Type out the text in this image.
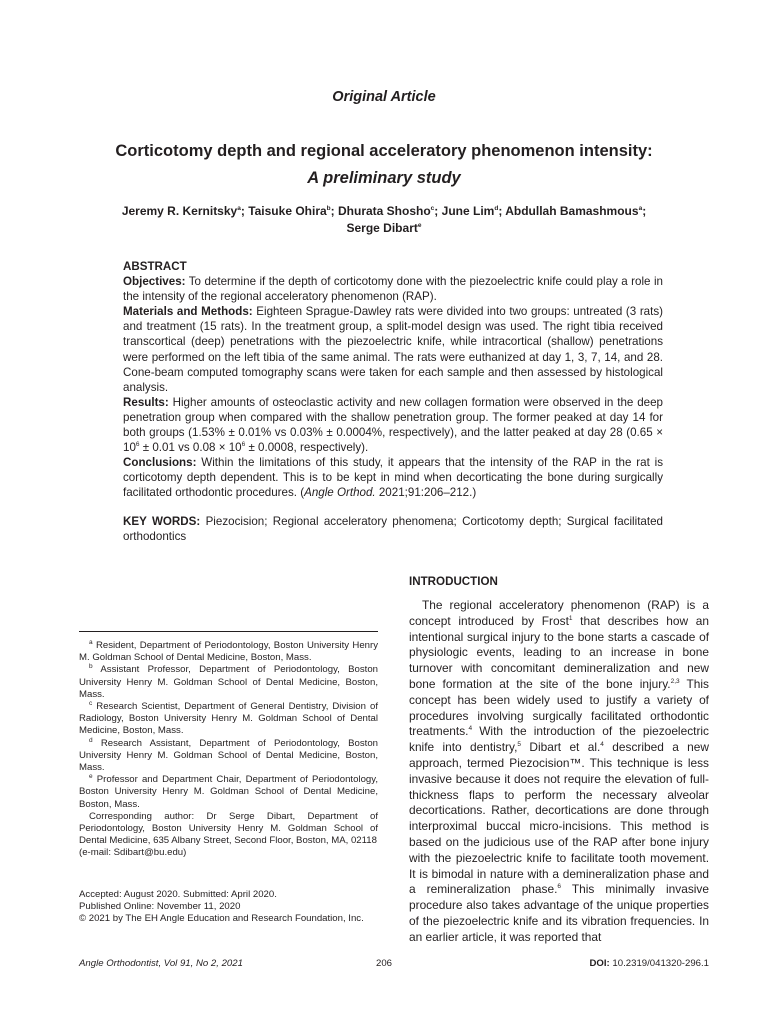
Original Article
Corticotomy depth and regional acceleratory phenomenon intensity:
A preliminary study
Jeremy R. Kernitsky$^a$; Taisuke Ohira$^b$; Dhurata Shosho$^c$; June Lim$^d$; Abdullah Bamashmous$^a$;
Serge Dibart$^e$

ABSTRACT

Objectives: To determine if the depth of corticotomy done with the piezoelectric knife could play a role in the intensity of the regional acceleratory phenomenon (RAP).

Materials and Methods: Eighteen Sprague-Dawley rats were divided into two groups: untreated (3 rats) and treatment (15 rats). In the treatment group, a split-model design was used. The right tibia received transcortical (deep) penetrations with the piezoelectric knife, while intracortical (shallow) penetrations were performed on the left tibia of the same animal. The rats were euthanized at day 1, 3, 7, 14, and 28. Cone-beam computed tomography scans were taken for each sample and then assessed by histological analysis.

Results: Higher amounts of osteoclastic activity and new collagen formation were observed in the deep penetration group when compared with the shallow penetration group. The former peaked at day 14 for both groups (1.53% ± 0.01% vs 0.03% ± 0.0004%, respectively), and the latter peaked at day 28 ($0.65 \times 10^6 \pm 0.01$ vs $0.08 \times 10^6 \pm 0.0008$, respectively).

Conclusions: Within the limitations of this study, it appears that the intensity of the RAP in the rat is corticotomy depth dependent. This is to be kept in mind when decorticating the bone during surgically facilitated orthodontic procedures. (Angle Orthod. 2021;91:206–212.)

KEY WORDS: Piezocision; Regional acceleratory phenomena; Corticotomy depth; Surgical facilitated orthodontics
INTRODUCTION

The regional acceleratory phenomenon (RAP) is a concept introduced by Frost$^1$ that describes how an intentional surgical injury to the bone starts a cascade of physiologic events, leading to an increase in bone turnover with concomitant demineralization and new bone formation at the site of the bone injury.$^{2,3}$ This concept has been widely used to justify a variety of procedures involving surgically facilitated orthodontic treatments.$^4$ With the introduction of the piezoelectric knife into dentistry,$^5$ Dibart et al.$^4$ described a new approach, termed Piezocision™. This technique is less invasive because it does not require the elevation of full-thickness flaps to perform the necessary alveolar decortications. Rather, decortications are done through interproximal buccal micro-incisions. This method is based on the judicious use of the RAP after bone injury with the piezoelectric knife to facilitate tooth movement. It is bimodal in nature with a demineralization phase and a remineralization phase.$^6$ This minimally invasive procedure also takes advantage of the unique properties of the piezoelectric knife and its vibration frequencies. In an earlier article, it was reported that

$^a$ Resident, Department of Periodontology, Boston University Henry M. Goldman School of Dental Medicine, Boston, Mass.

$^b$ Assistant Professor, Department of Periodontology, Boston University Henry M. Goldman School of Dental Medicine, Boston, Mass.

$^c$ Research Scientist, Department of General Dentistry, Division of Radiology, Boston University Henry M. Goldman School of Dental Medicine, Boston, Mass.

$^d$ Research Assistant, Department of Periodontology, Boston University Henry M. Goldman School of Dental Medicine, Boston, Mass.

$^e$ Professor and Department Chair, Department of Periodontology, Boston University Henry M. Goldman School of Dental Medicine, Boston, Mass.

Corresponding author: Dr Serge Dibart, Department of Periodontology, Boston University Henry M. Goldman School of Dental Medicine, 635 Albany Street, Second Floor, Boston, MA, 02118

(e-mail: Sdibart@bu.edu)

Accepted: August 2020. Submitted: April 2020.

Published Online: November 11, 2020

© 2021 by The EH Angle Education and Research Foundation, Inc.

Angle Orthodontist, Vol 91, No 2, 2021	206	DOI: 10.2319/041320-296.1
